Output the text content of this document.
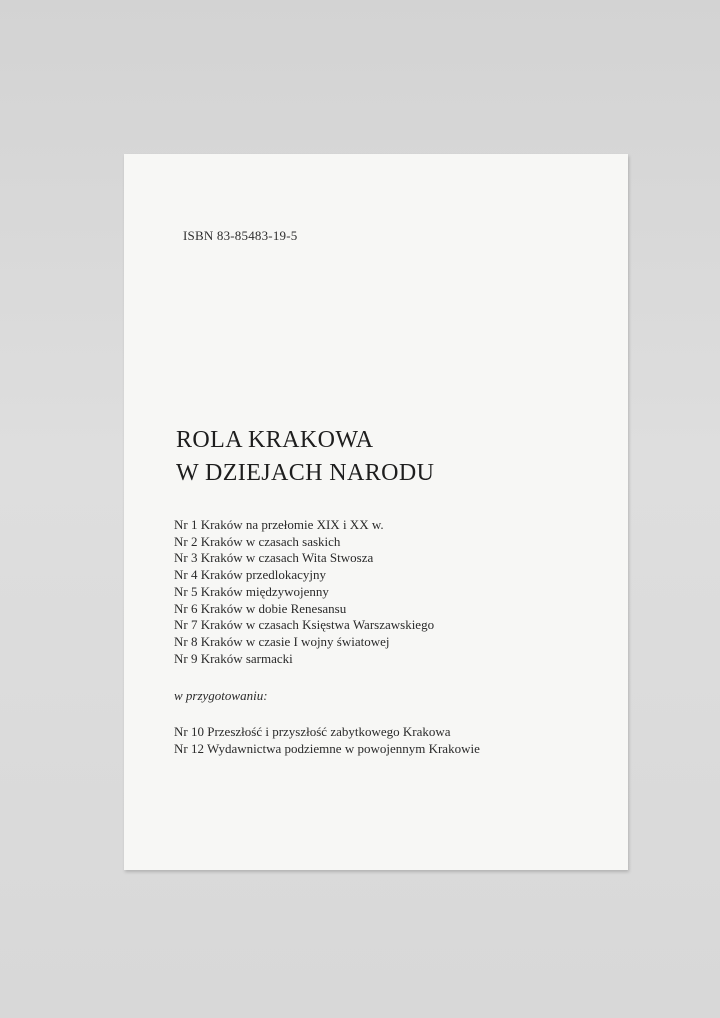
ISBN 83-85483-19-5
ROLA KRAKOWA
W DZIEJACH NARODU
Nr 1 Kraków na przełomie XIX i XX w.
Nr 2 Kraków w czasach saskich
Nr 3 Kraków w czasach Wita Stwosza
Nr 4 Kraków przedlokacyjny
Nr 5 Kraków międzywojenny
Nr 6 Kraków w dobie Renesansu
Nr 7 Kraków w czasach Księstwa Warszawskiego
Nr 8 Kraków w czasie I wojny światowej
Nr 9 Kraków sarmacki
w przygotowaniu:
Nr 10 Przeszłość i przyszłość zabytkowego Krakowa
Nr 12 Wydawnictwa podziemne w powojennym Krakowie
